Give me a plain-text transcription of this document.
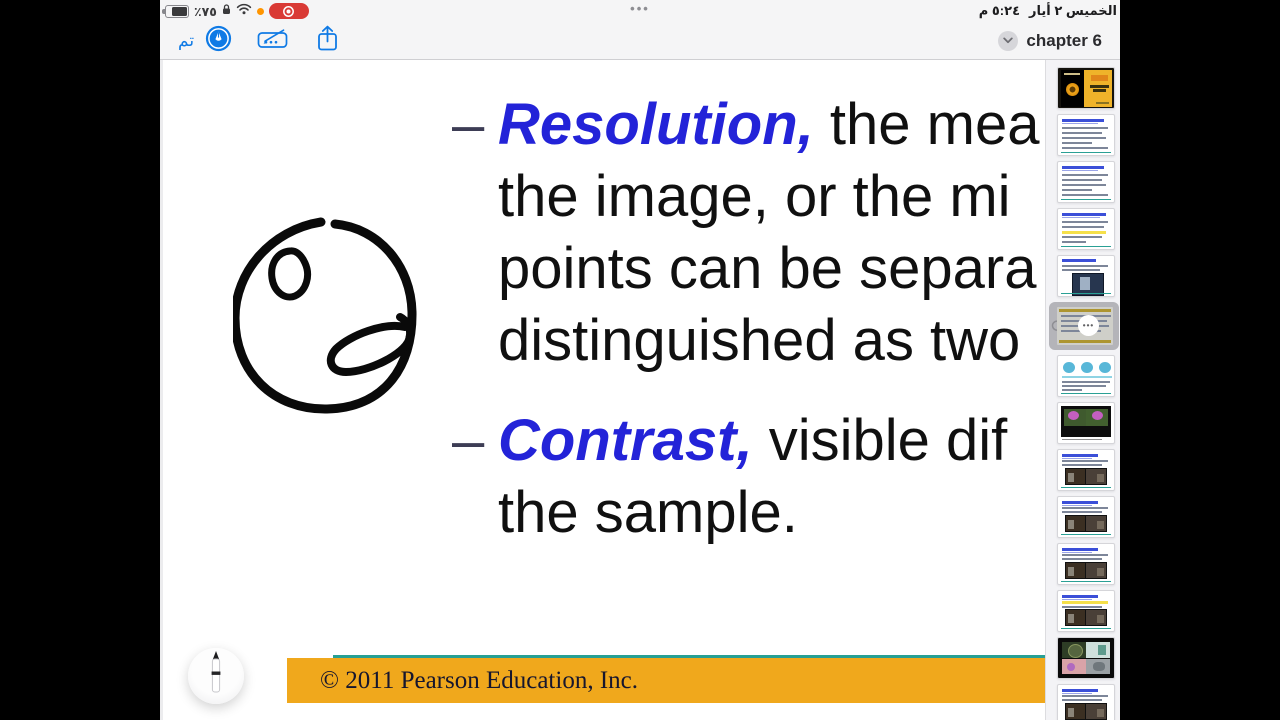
٪٧٥	•••	٥:٢٤ م الخميس ٢ أيار
تم	chapter 6
– Resolution, the mea
the image, or the mi
points can be separa
distinguished as two
– Contrast, visible dif
the sample.
© 2011 Pearson Education, Inc.
•••
